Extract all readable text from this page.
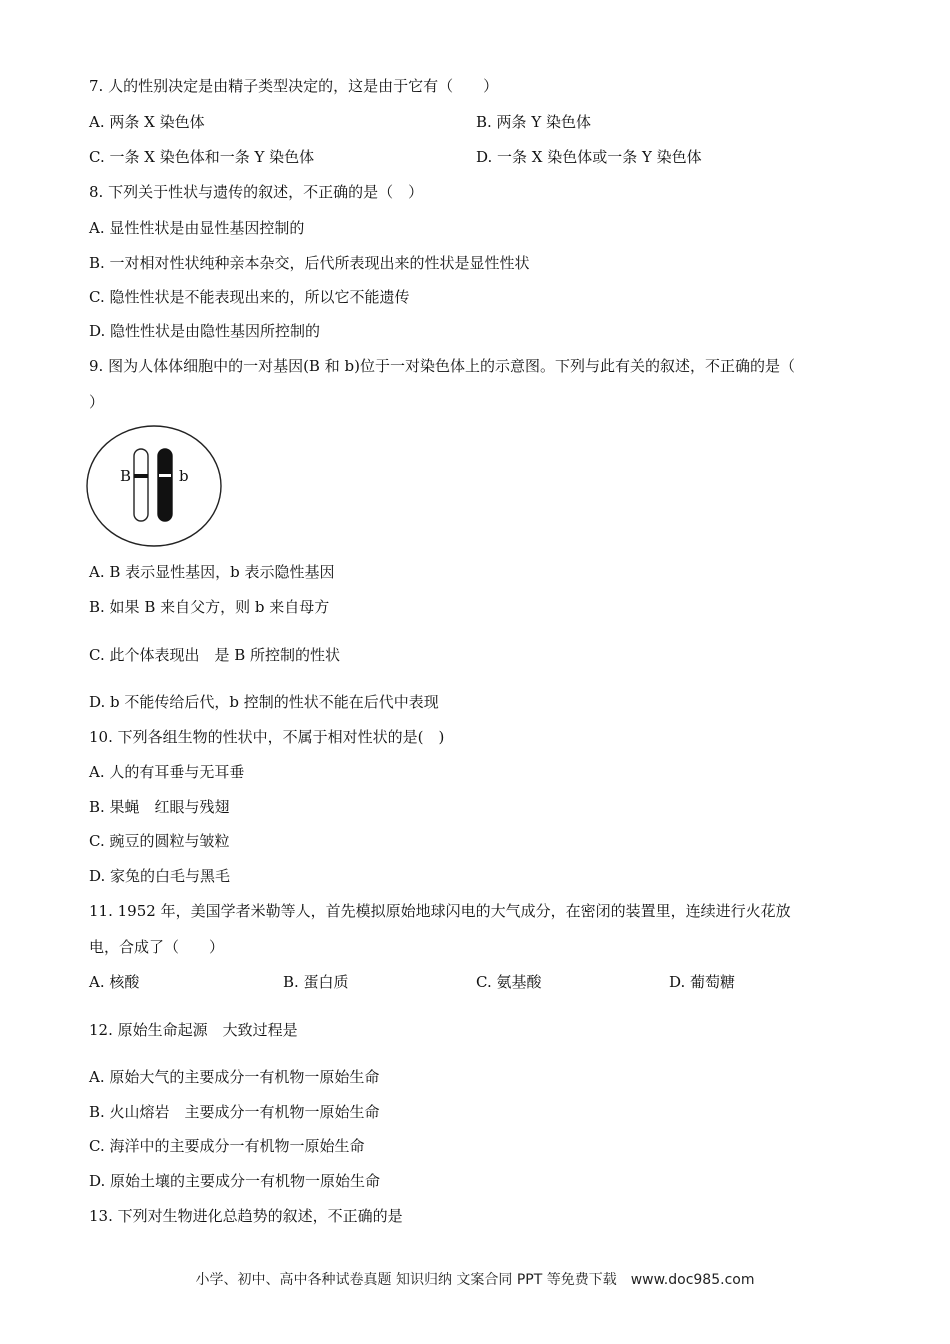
7. 人的性别决定是由精子类型决定的，这是由于它有（　　）
A. 两条 X 染色体	B. 两条 Y 染色体
C. 一条 X 染色体和一条 Y 染色体	D. 一条 X 染色体或一条 Y 染色体
8. 下列关于性状与遗传的叙述，不正确的是（　）
A. 显性性状是由显性基因控制的
B. 一对相对性状纯种亲本杂交，后代所表现出来的性状是显性性状
C. 隐性性状是不能表现出来的，所以它不能遗传
D. 隐性性状是由隐性基因所控制的
9. 图为人体体细胞中的一对基因(B 和 b)位于一对染色体上的示意图。下列与此有关的叙述，不正确的是（
）
B	b
A. B 表示显性基因，b 表示隐性基因
B. 如果 B 来自父方，则 b 来自母方
C. 此个体表现出　是 B 所控制的性状
D. b 不能传给后代，b 控制的性状不能在后代中表现
10. 下列各组生物的性状中，不属于相对性状的是(　)
A. 人的有耳垂与无耳垂
B. 果蝇　红眼与残翅
C. 豌豆的圆粒与皱粒
D. 家兔的白毛与黑毛
11. 1952 年，美国学者米勒等人，首先模拟原始地球闪电的大气成分，在密闭的装置里，连续进行火花放
电，合成了（　　）
A. 核酸	B. 蛋白质	C. 氨基酸	D. 葡萄糖
12. 原始生命起源　大致过程是
A. 原始大气的主要成分一有机物一原始生命
B. 火山熔岩　主要成分一有机物一原始生命
C. 海洋中的主要成分一有机物一原始生命
D. 原始土壤的主要成分一有机物一原始生命
13. 下列对生物进化总趋势的叙述，不正确的是
小学、初中、高中各种试卷真题 知识归纳 文案合同 PPT 等免费下载　www.doc985.com
